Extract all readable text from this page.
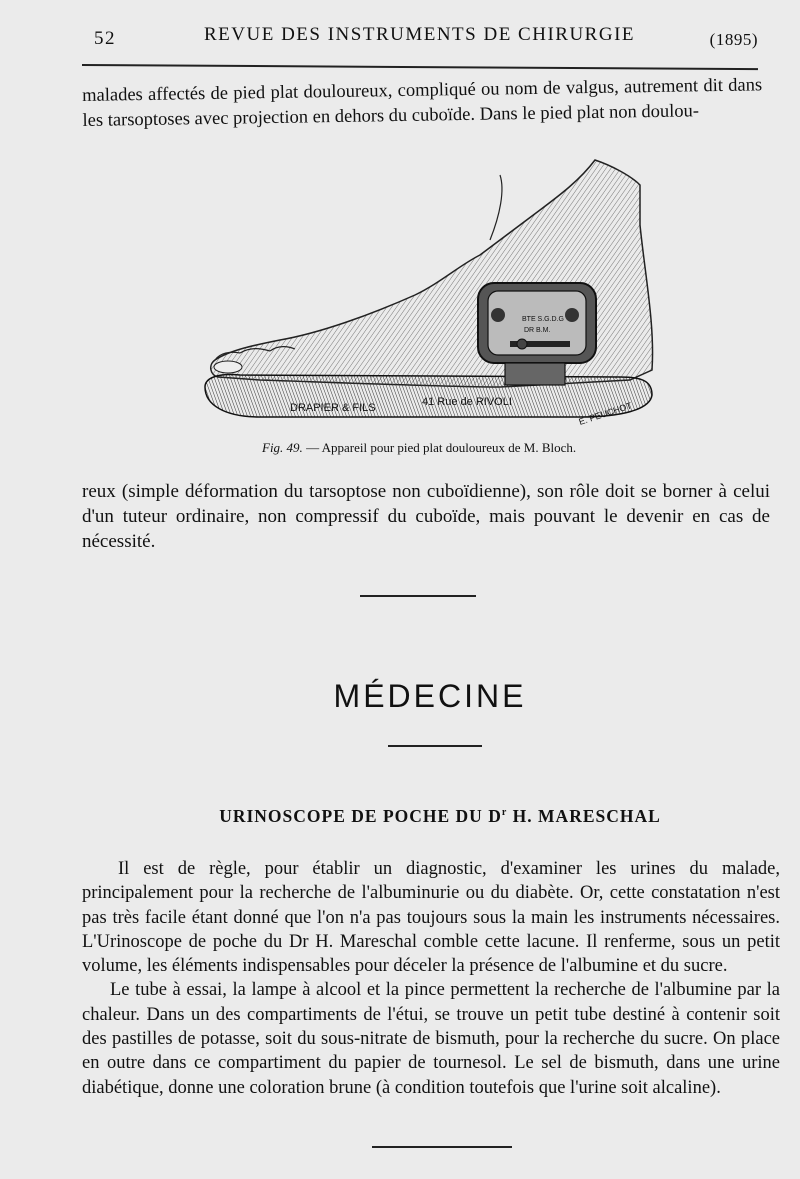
52	REVUE DES INSTRUMENTS DE CHIRURGIE	(1895)
malades affectés de pied plat douloureux, compliqué ou nom de valgus, autrement dit dans les tarsoptoses avec projection en dehors du cuboïde. Dans le pied plat non doulou-
DRAPIER & FILS	41 Rue de RIVOLI
BTE S.G.D.G
DR B.M.
E. PEUCHOT
Fig. 49. — Appareil pour pied plat douloureux de M. Bloch.
reux (simple déformation du tarsoptose non cuboïdienne), son rôle doit se borner à celui d'un tuteur ordinaire, non compressif du cuboïde, mais pouvant le devenir en cas de nécessité.
MÉDECINE
URINOSCOPE DE POCHE DU $D^r$ H. MARESCHAL

Il est de règle, pour établir un diagnostic, d'examiner les urines du malade, principalement pour la recherche de l'albuminurie ou du diabète. Or, cette constatation n'est pas très facile étant donné que l'on n'a pas toujours sous la main les instruments nécessaires. L'Urinoscope de poche du Dr H. Mareschal comble cette lacune. Il renferme, sous un petit volume, les éléments indispensables pour déceler la présence de l'albumine et du sucre.

Le tube à essai, la lampe à alcool et la pince permettent la recherche de l'albumine par la chaleur. Dans un des compartiments de l'étui, se trouve un petit tube destiné à contenir soit des pastilles de potasse, soit du sous-nitrate de bismuth, pour la recherche du sucre. On place en outre dans ce compartiment du papier de tournesol. Le sel de bismuth, dans une urine diabétique, donne une coloration brune (à condition toutefois que l'urine soit alcaline).
